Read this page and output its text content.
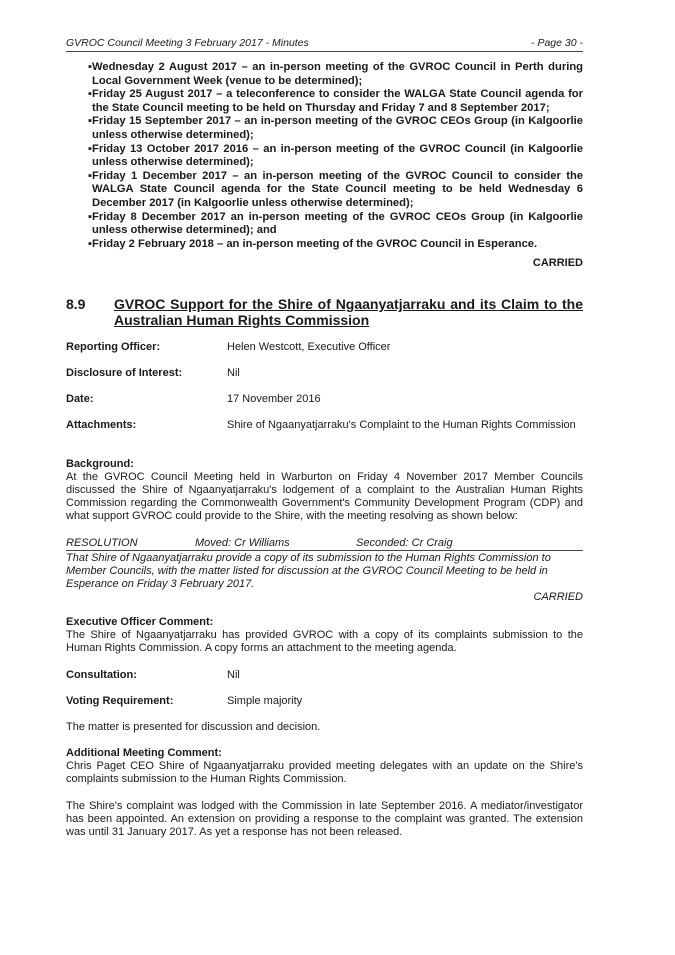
GVROC Council Meeting 3 February 2017 - Minutes	- Page 30 -
▪ Wednesday 2 August 2017 – an in-person meeting of the GVROC Council in Perth during Local Government Week (venue to be determined);
▪ Friday 25 August 2017 – a teleconference to consider the WALGA State Council agenda for the State Council meeting to be held on Thursday and Friday 7 and 8 September 2017;
▪ Friday 15 September 2017 – an in-person meeting of the GVROC CEOs Group (in Kalgoorlie unless otherwise determined);
▪ Friday 13 October 2017 2016 – an in-person meeting of the GVROC Council (in Kalgoorlie unless otherwise determined);
▪ Friday 1 December 2017 – an in-person meeting of the GVROC Council to consider the WALGA State Council agenda for the State Council meeting to be held Wednesday 6 December 2017 (in Kalgoorlie unless otherwise determined);
▪ Friday 8 December 2017 an in-person meeting of the GVROC CEOs Group (in Kalgoorlie unless otherwise determined); and
▪ Friday 2 February 2018 – an in-person meeting of the GVROC Council in Esperance.
CARRIED
8.9 GVROC Support for the Shire of Ngaanyatjarraku and its Claim to the Australian Human Rights Commission
Reporting Officer:	Helen Westcott, Executive Officer
Disclosure of Interest:	Nil
Date:	17 November 2016
Attachments:	Shire of Ngaanyatjarraku's Complaint to the Human Rights Commission
Background:
At the GVROC Council Meeting held in Warburton on Friday 4 November 2017 Member Councils discussed the Shire of Ngaanyatjarraku's lodgement of a complaint to the Australian Human Rights Commission regarding the Commonwealth Government's Community Development Program (CDP) and what support GVROC could provide to the Shire, with the meeting resolving as shown below:
RESOLUTION	Moved: Cr Williams	Seconded: Cr Craig
That Shire of Ngaanyatjarraku provide a copy of its submission to the Human Rights Commission to Member Councils, with the matter listed for discussion at the GVROC Council Meeting to be held in Esperance on Friday 3 February 2017.
CARRIED
Executive Officer Comment:
The Shire of Ngaanyatjarraku has provided GVROC with a copy of its complaints submission to the Human Rights Commission. A copy forms an attachment to the meeting agenda.
Consultation:	Nil
Voting Requirement:	Simple majority
The matter is presented for discussion and decision.
Additional Meeting Comment:
Chris Paget CEO Shire of Ngaanyatjarraku provided meeting delegates with an update on the Shire's complaints submission to the Human Rights Commission.
The Shire's complaint was lodged with the Commission in late September 2016. A mediator/investigator has been appointed. An extension on providing a response to the complaint was granted. The extension was until 31 January 2017. As yet a response has not been released.
